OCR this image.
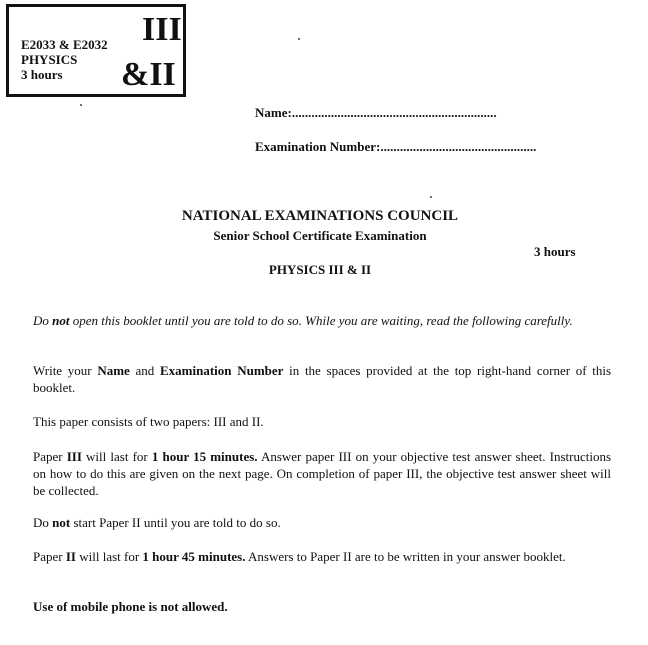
E2033 & E2032
PHYSICS
3 hours
III
&II
Name:...............................................................
Examination Number:................................................
NATIONAL EXAMINATIONS COUNCIL
Senior School Certificate Examination
3 hours
PHYSICS III & II

Do not open this booklet until you are told to do so. While you are waiting, read the following carefully.

Write your Name and Examination Number in the spaces provided at the top right-hand corner of this booklet.

This paper consists of two papers: III and II.

Paper III will last for 1 hour 15 minutes. Answer paper III on your objective test answer sheet. Instructions on how to do this are given on the next page. On completion of paper III, the objective test answer sheet will be collected.

Do not start Paper II until you are told to do so.

Paper II will last for 1 hour 45 minutes. Answers to Paper II are to be written in your answer booklet.

Use of mobile phone is not allowed.
